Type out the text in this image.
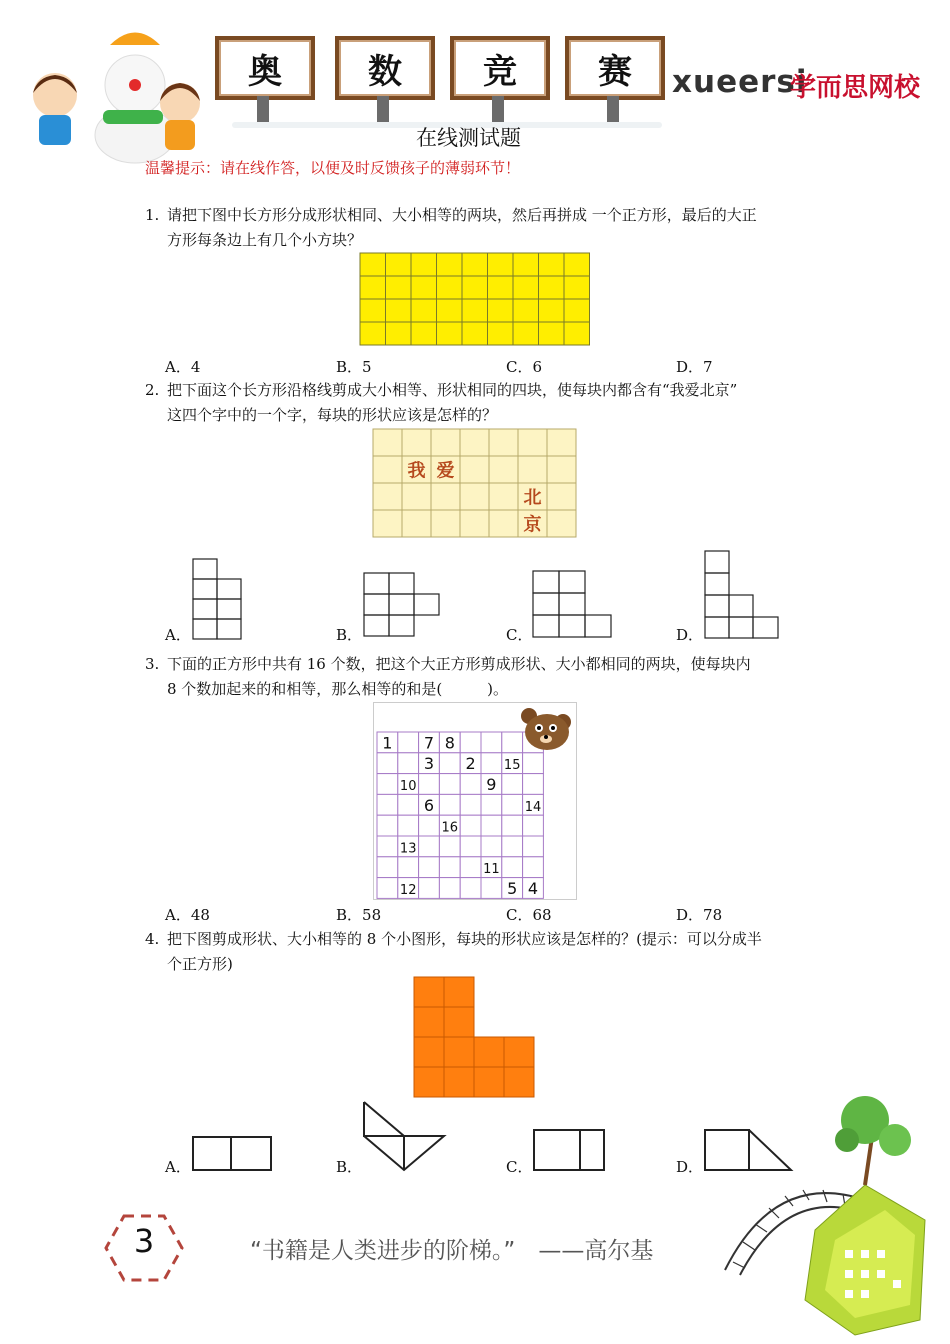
奥	数	竞	赛	xueersi
学而思网校
在线测试题
温馨提示：请在线作答，以便及时反馈孩子的薄弱环节！
1. 请把下图中长方形分成形状相同、大小相等的两块，然后再拼成 一个正方形，最后的大正
方形每条边上有几个小方块？
A．4	B．5	C．6	D．7
2. 把下面这个长方形沿格线剪成大小相等、形状相同的四块，使每块内都含有“我爱北京”
这四个字中的一个字，每块的形状应该是怎样的？
我 爱
北
京
A．	B．	C．	D．
3. 下面的正方形中共有 16 个数，把这个大正方形剪成形状、大小都相同的两块，使每块内
8 个数加起来的和相等，那么相等的和是(　　　)。
1 7 8
3 2 15
10	9
6	14
16
13
11
12	5 4
A．48	B．58	C．68	D．78
4. 把下图剪成形状、大小相等的 8 个小图形，每块的形状应该是怎样的？(提示：可以分成半
个正方形)
A．	B．	C．	D．
3	“书籍是人类进步的阶梯。”　——高尔基
